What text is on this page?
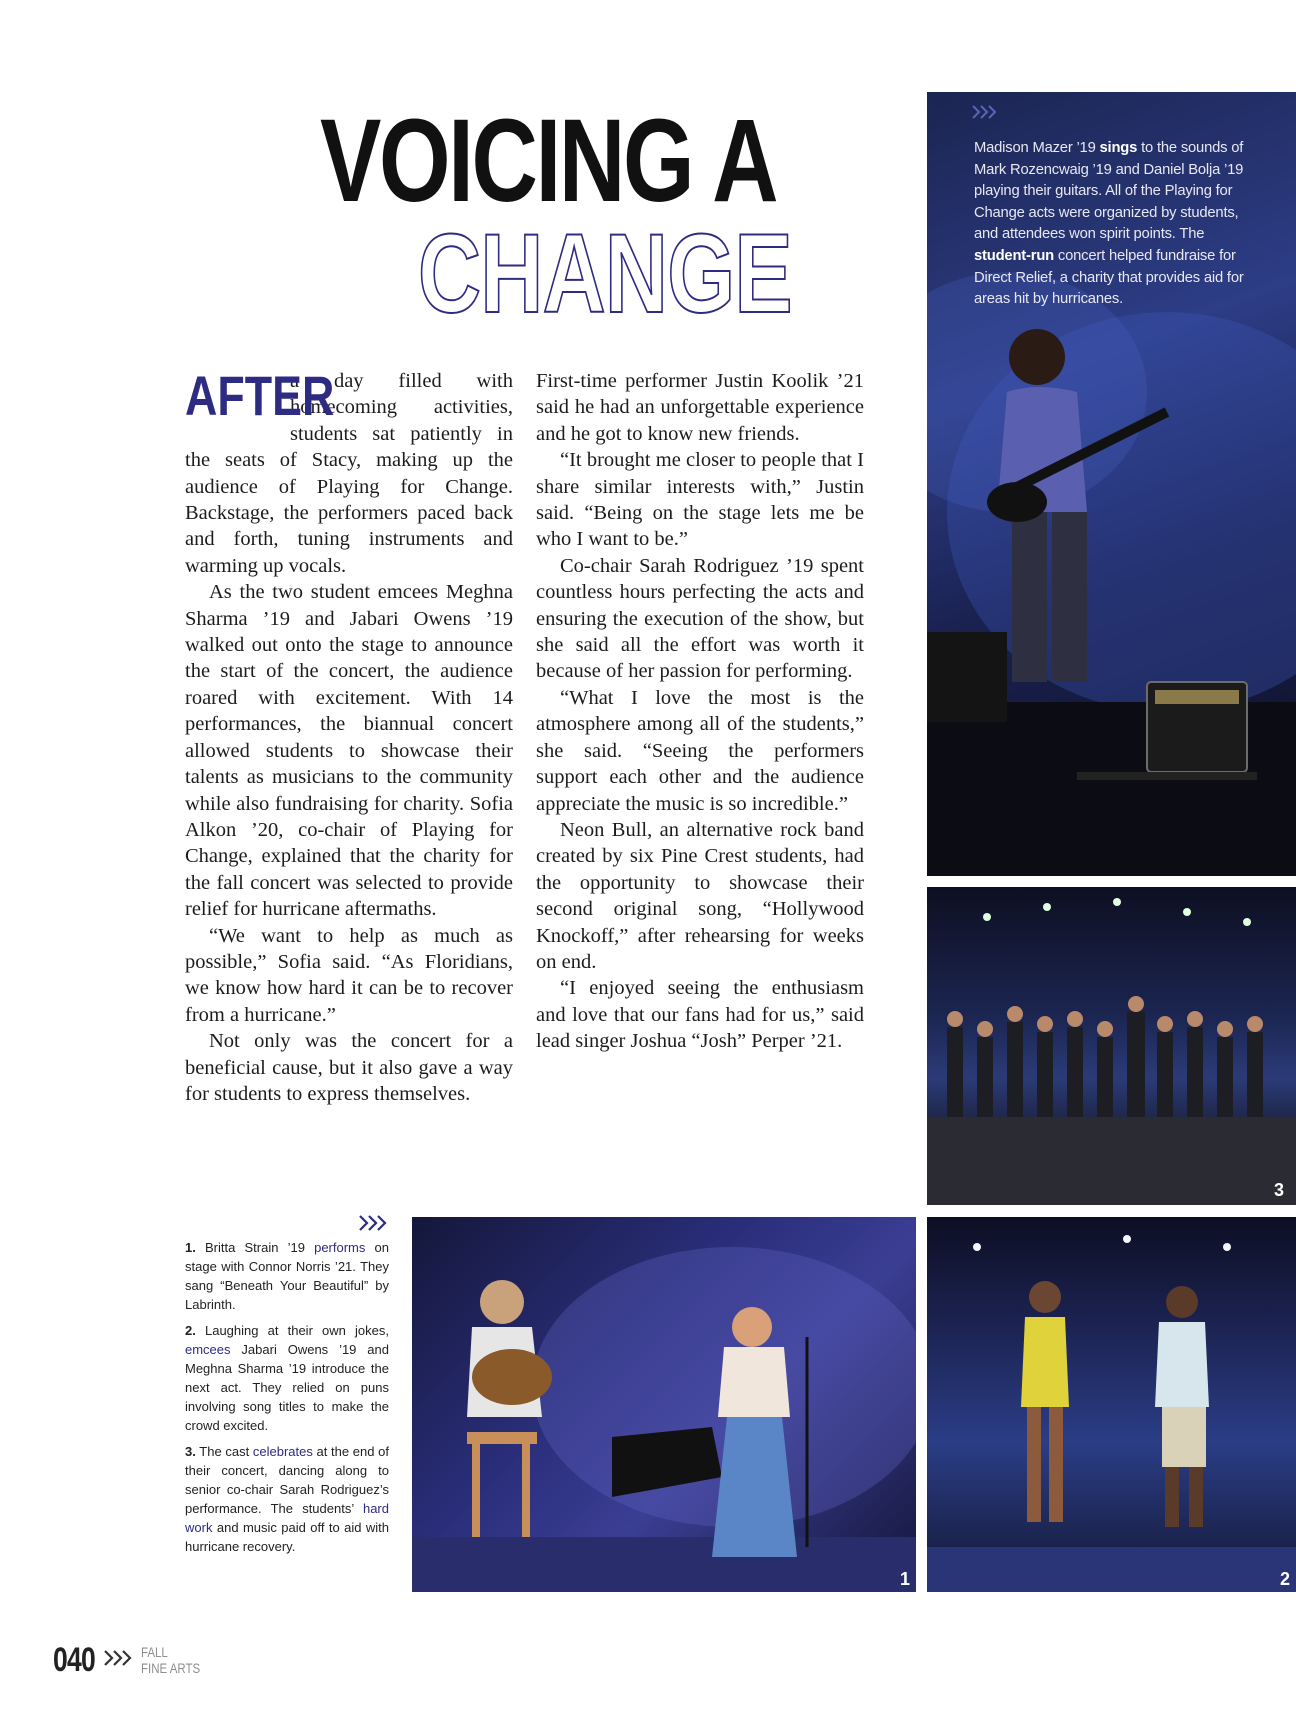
VOICING A
CHANGE

AFTER
a day filled with homecoming activities, students sat patiently in the seats of Stacy, making up the audience of Playing for Change. Backstage, the performers paced back and forth, tuning instruments and warming up vocals.

As the two student emcees Meghna Sharma ’19 and Jabari Owens ’19 walked out onto the stage to announce the start of the concert, the audience roared with excitement. With 14 performances, the biannual concert allowed students to showcase their talents as musicians to the community while also fundraising for charity. Sofia Alkon ’20, co-chair of Playing for Change, explained that the charity for the fall concert was selected to provide relief for hurricane aftermaths.

“We want to help as much as possible,” Sofia said. “As Floridians, we know how hard it can be to recover from a hurricane.”

Not only was the concert for a beneficial cause, but it also gave a way for students to express themselves.

First-time performer Justin Koolik ’21 said he had an unforgettable experience and he got to know new friends.

“It brought me closer to people that I share similar interests with,” Justin said. “Being on the stage lets me be who I want to be.”

Co-chair Sarah Rodriguez ’19 spent countless hours perfecting the acts and ensuring the execution of the show, but she said all the effort was worth it because of her passion for performing.

“What I love the most is the atmosphere among all of the students,” she said. “Seeing the performers support each other and the audience appreciate the music is so incredible.”

Neon Bull, an alternative rock band created by six Pine Crest students, had the opportunity to showcase their second original song, “Hollywood Knockoff,” after rehearsing for weeks on end.

“I enjoyed seeing the enthusiasm and love that our fans had for us,” said lead singer Joshua “Josh” Perper ’21.

Madison Mazer ’19 sings to the sounds of Mark Rozencwaig ’19 and Daniel Bolja ’19 playing their guitars. All of the Playing for Change acts were organized by students, and attendees won spirit points. The student-run concert helped fundraise for Direct Relief, a charity that provides aid for areas hit by hurricanes.
3
1	2

1. Britta Strain ’19 performs on stage with Connor Norris ’21. They sang “Beneath Your Beautiful” by Labrinth.

2. Laughing at their own jokes, emcees Jabari Owens ’19 and Meghna Sharma ’19 introduce the next act. They relied on puns involving song titles to make the crowd excited.

3. The cast celebrates at the end of their concert, dancing along to senior co-chair Sarah Rodriguez’s performance. The students’ hard work and music paid off to aid with hurricane recovery.

040	FALL
FINE ARTS
